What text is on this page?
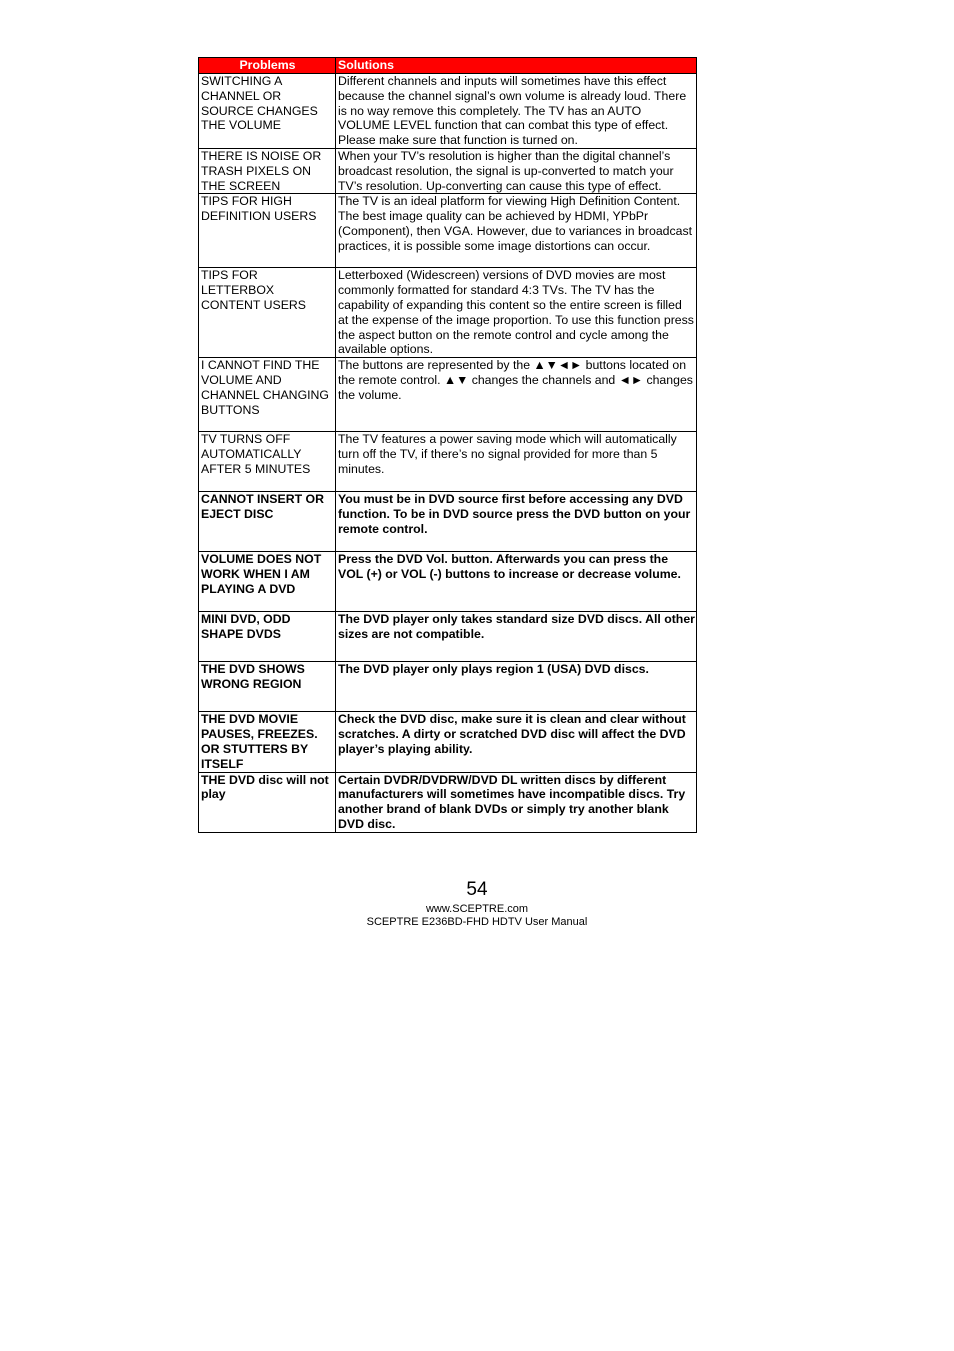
Problems	Solutions
SWITCHING A CHANNEL OR SOURCE CHANGES THE VOLUME	Different channels and inputs will sometimes have this effect because the channel signal’s own volume is already loud. There is no way remove this completely. The TV has an AUTO VOLUME LEVEL function that can combat this type of effect. Please make sure that function is turned on.
THERE IS NOISE OR TRASH PIXELS ON THE SCREEN	When your TV’s resolution is higher than the digital channel’s broadcast resolution, the signal is up-converted to match your TV’s resolution. Up-converting can cause this type of effect.
TIPS FOR HIGH DEFINITION USERS	The TV is an ideal platform for viewing High Definition Content. The best image quality can be achieved by HDMI, YPbPr (Component), then VGA. However, due to variances in broadcast practices, it is possible some image distortions can occur.
TIPS FOR LETTERBOX CONTENT USERS	Letterboxed (Widescreen) versions of DVD movies are most commonly formatted for standard 4:3 TVs. The TV has the capability of expanding this content so the entire screen is filled at the expense of the image proportion. To use this function press the aspect button on the remote control and cycle among the available options.
I CANNOT FIND THE VOLUME AND CHANNEL CHANGING BUTTONS	The buttons are represented by the ▲▼◄► buttons located on the remote control. ▲▼ changes the channels and ◄► changes the volume.
TV TURNS OFF AUTOMATICALLY AFTER 5 MINUTES	The TV features a power saving mode which will automatically turn off the TV, if there’s no signal provided for more than 5 minutes.
CANNOT INSERT OR EJECT DISC	You must be in DVD source first before accessing any DVD function. To be in DVD source press the DVD button on your remote control.
VOLUME DOES NOT WORK WHEN I AM PLAYING A DVD	Press the DVD Vol. button. Afterwards you can press the VOL (+) or VOL (-) buttons to increase or decrease volume.
MINI DVD, ODD SHAPE DVDS	The DVD player only takes standard size DVD discs. All other sizes are not compatible.
THE DVD SHOWS WRONG REGION	The DVD player only plays region 1 (USA) DVD discs.
THE DVD MOVIE PAUSES, FREEZES. OR STUTTERS BY ITSELF	Check the DVD disc, make sure it is clean and clear without scratches. A dirty or scratched DVD disc will affect the DVD player’s playing ability.
THE DVD disc will not play	Certain DVDR/DVDRW/DVD DL written discs by different manufacturers will sometimes have incompatible discs. Try another brand of blank DVDs or simply try another blank DVD disc.
54
www.SCEPTRE.com
SCEPTRE E236BD-FHD HDTV User Manual
